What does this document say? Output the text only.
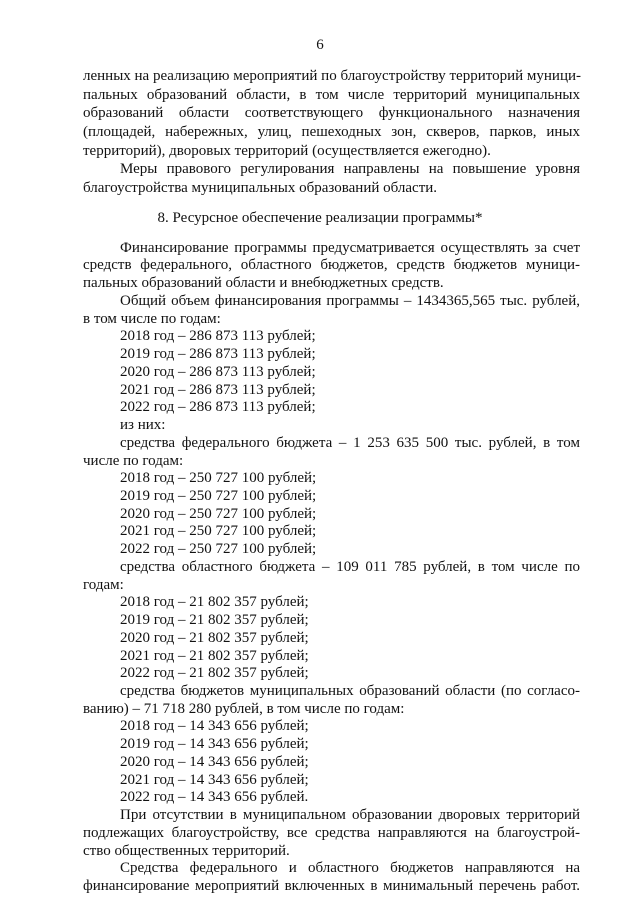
6
ленных на реализацию мероприятий по благоустройству территорий муници-
пальных образований области, в том числе территорий муниципальных
образований области соответствующего функционального назначения
(площадей, набережных, улиц, пешеходных зон, скверов, парков, иных
территорий), дворовых территорий (осуществляется ежегодно).
Меры правового регулирования направлены на повышение уровня
благоустройства муниципальных образований области.
8. Ресурсное обеспечение реализации программы*
Финансирование программы предусматривается осуществлять за счет
средств федерального, областного бюджетов, средств бюджетов муници-
пальных образований области и внебюджетных средств.
Общий объем финансирования программы – 1434365,565 тыс. рублей,
в том числе по годам:
2018 год – 286 873 113 рублей;
2019 год – 286 873 113 рублей;
2020 год – 286 873 113 рублей;
2021 год – 286 873 113 рублей;
2022 год – 286 873 113 рублей;
из них:
средства федерального бюджета – 1 253 635 500 тыс. рублей, в том
числе по годам:
2018 год – 250 727 100 рублей;
2019 год – 250 727 100 рублей;
2020 год – 250 727 100 рублей;
2021 год – 250 727 100 рублей;
2022 год – 250 727 100 рублей;
средства областного бюджета – 109 011 785 рублей, в том числе по
годам:
2018 год – 21 802 357 рублей;
2019 год – 21 802 357 рублей;
2020 год – 21 802 357 рублей;
2021 год – 21 802 357 рублей;
2022 год – 21 802 357 рублей;
средства бюджетов муниципальных образований области (по согласо-
ванию) – 71 718 280 рублей, в том числе по годам:
2018 год – 14 343 656 рублей;
2019 год – 14 343 656 рублей;
2020 год – 14 343 656 рублей;
2021 год – 14 343 656 рублей;
2022 год – 14 343 656 рублей.
При отсутствии в муниципальном образовании дворовых территорий
подлежащих благоустройству, все средства направляются на благоустрой-
ство общественных территорий.
Средства федерального и областного бюджетов направляются на
финансирование мероприятий включенных в минимальный перечень работ.
